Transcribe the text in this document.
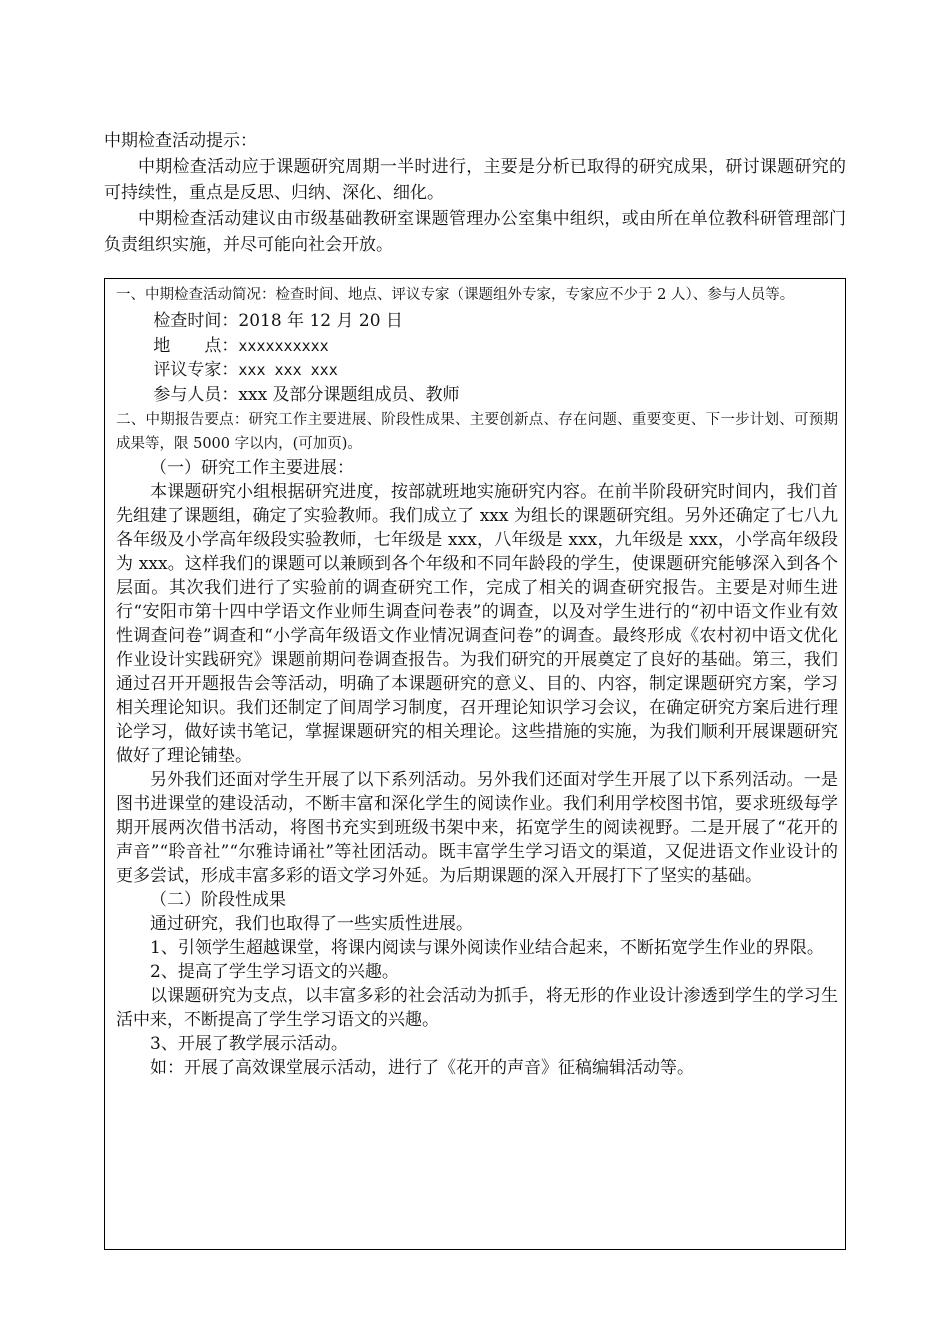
中期检查活动提示：

中期检查活动应于课题研究周期一半时进行，主要是分析已取得的研究成果，研讨课题研究的可持续性，重点是反思、归纳、深化、细化。

中期检查活动建议由市级基础教研室课题管理办公室集中组织，或由所在单位教科研管理部门负责组织实施，并尽可能向社会开放。

一、中期检查活动简况：检查时间、地点、评议专家（课题组外专家，专家应不少于 2 人）、参与人员等。

检查时间：2018 年 12 月 20 日

地　　点：xxxxxxxxxx

评议专家：xxx xxx xxx

参与人员：xxx 及部分课题组成员、教师

二、中期报告要点：研究工作主要进展、阶段性成果、主要创新点、存在问题、重要变更、下一步计划、可预期成果等，限 5000 字以内，(可加页)。

（一）研究工作主要进展：

本课题研究小组根据研究进度，按部就班地实施研究内容。在前半阶段研究时间内，我们首先组建了课题组，确定了实验教师。我们成立了 xxx 为组长的课题研究组。另外还确定了七八九各年级及小学高年级段实验教师，七年级是 xxx，八年级是 xxx，九年级是 xxx，小学高年级段为 xxx。这样我们的课题可以兼顾到各个年级和不同年龄段的学生，使课题研究能够深入到各个层面。其次我们进行了实验前的调查研究工作，完成了相关的调查研究报告。主要是对师生进行“安阳市第十四中学语文作业师生调查问卷表”的调查，以及对学生进行的“初中语文作业有效性调查问卷”调查和“小学高年级语文作业情况调查问卷”的调查。最终形成《农村初中语文优化作业设计实践研究》课题前期问卷调查报告。为我们研究的开展奠定了良好的基础。第三，我们通过召开开题报告会等活动，明确了本课题研究的意义、目的、内容，制定课题研究方案，学习相关理论知识。我们还制定了间周学习制度，召开理论知识学习会议，在确定研究方案后进行理论学习，做好读书笔记，掌握课题研究的相关理论。这些措施的实施，为我们顺利开展课题研究做好了理论铺垫。

另外我们还面对学生开展了以下系列活动。另外我们还面对学生开展了以下系列活动。一是图书进课堂的建设活动，不断丰富和深化学生的阅读作业。我们利用学校图书馆，要求班级每学期开展两次借书活动，将图书充实到班级书架中来，拓宽学生的阅读视野。二是开展了“花开的声音”“聆音社”“尔雅诗诵社”等社团活动。既丰富学生学习语文的渠道，又促进语文作业设计的更多尝试，形成丰富多彩的语文学习外延。为后期课题的深入开展打下了坚实的基础。

（二）阶段性成果

通过研究，我们也取得了一些实质性进展。

1、引领学生超越课堂，将课内阅读与课外阅读作业结合起来，不断拓宽学生作业的界限。

2、提高了学生学习语文的兴趣。

以课题研究为支点，以丰富多彩的社会活动为抓手，将无形的作业设计渗透到学生的学习生活中来，不断提高了学生学习语文的兴趣。

3、开展了教学展示活动。

如：开展了高效课堂展示活动，进行了《花开的声音》征稿编辑活动等。
